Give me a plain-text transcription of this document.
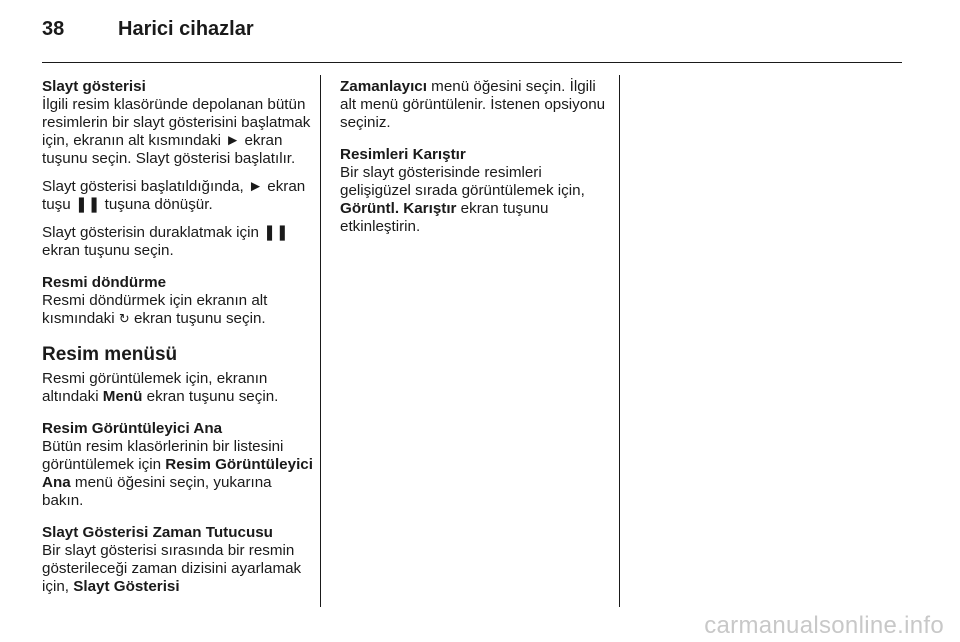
38	Harici cihazlar
Slayt gösterisi

İlgili resim klasöründe depolanan bütün resimlerin bir slayt gösterisini başlatmak için, ekranın alt kısmındaki ► ekran tuşunu seçin. Slayt gösterisi başlatılır.

Slayt gösterisi başlatıldığında, ► ekran tuşu ❚❚ tuşuna dönüşür.

Slayt gösterisin duraklatmak için ❚❚ ekran tuşunu seçin.

Resmi döndürme

Resmi döndürmek için ekranın alt kısmındaki ↻ ekran tuşunu seçin.

Resim menüsü

Resmi görüntülemek için, ekranın altındaki Menü ekran tuşunu seçin.

Resim Görüntüleyici Ana

Bütün resim klasörlerinin bir listesini görüntülemek için Resim Görüntüleyici Ana menü öğesini seçin, yukarına bakın.

Slayt Gösterisi Zaman Tutucusu

Bir slayt gösterisi sırasında bir resmin gösterileceği zaman dizisini ayarlamak için, Slayt Gösterisi

Zamanlayıcı menü öğesini seçin. İlgili alt menü görüntülenir. İstenen opsiyonu seçiniz.

Resimleri Karıştır

Bir slayt gösterisinde resimleri gelişigüzel sırada görüntülemek için, Görüntl. Karıştır ekran tuşunu etkinleştirin.

carmanualsonline.info
